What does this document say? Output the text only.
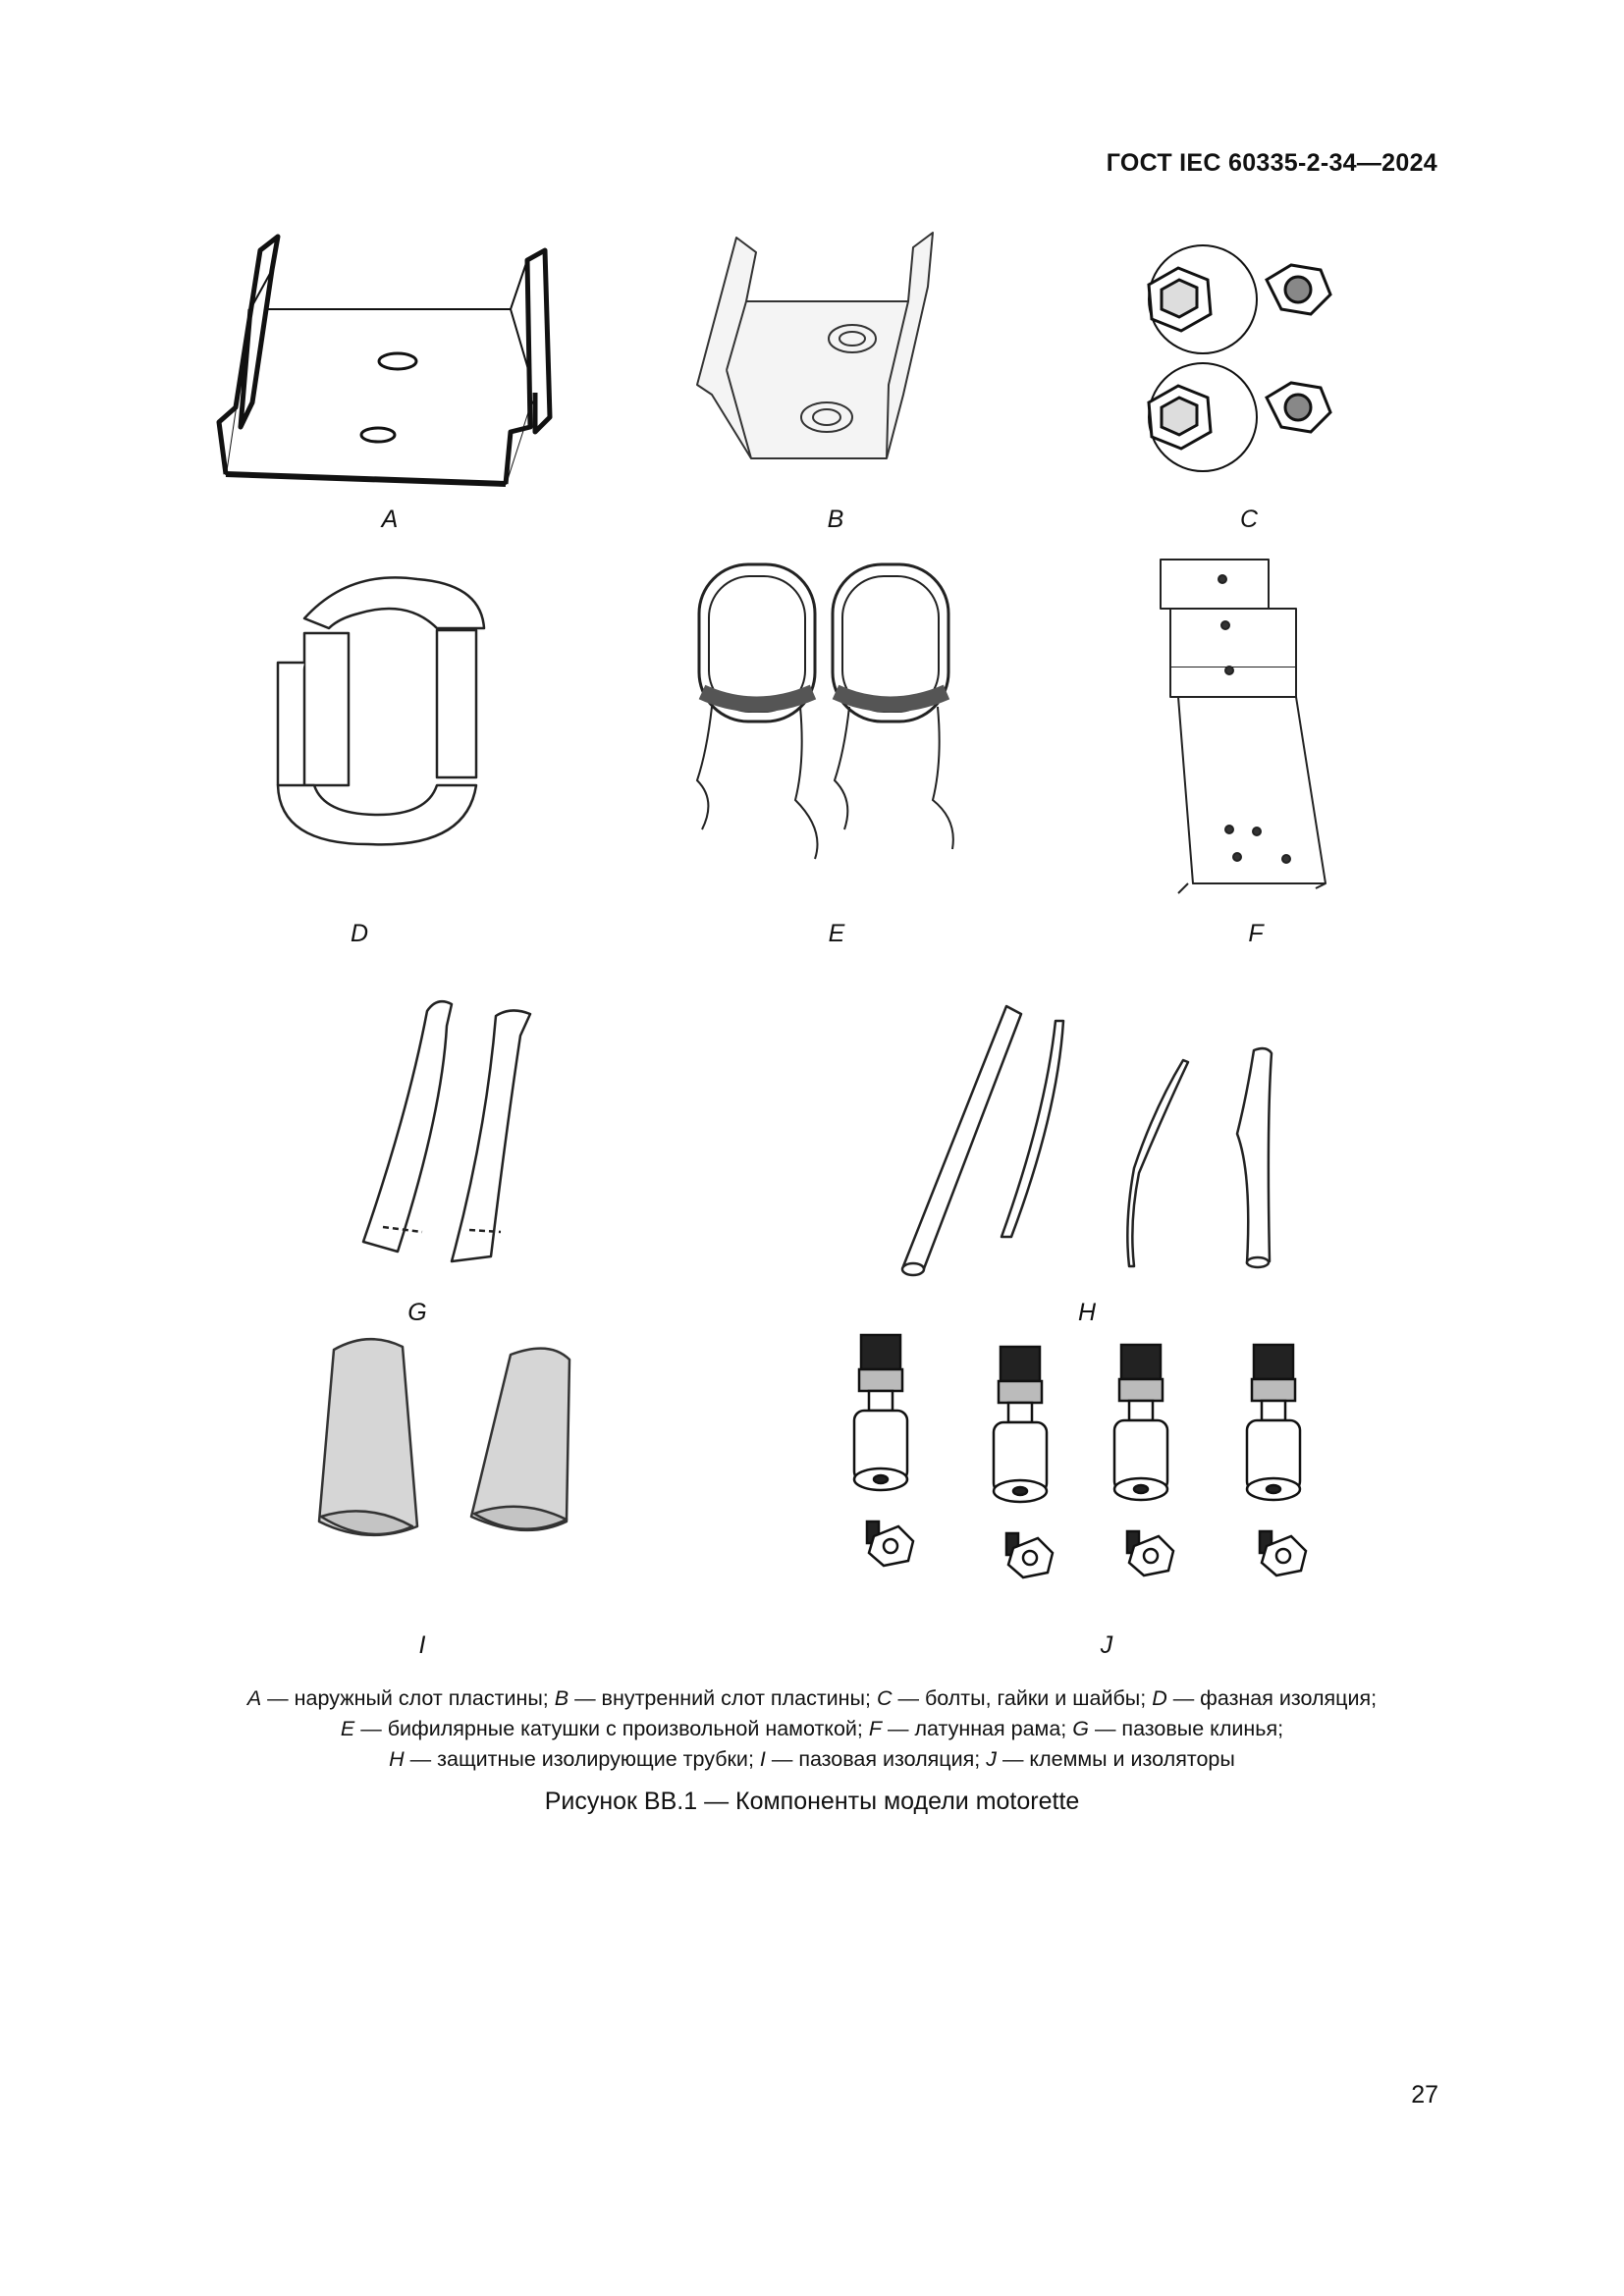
ГОСТ IEC 60335-2-34—2024
A	B	C
D	E	F
G	H
I	J
A — наружный слот пластины; B — внутренний слот пластины; C — болты, гайки и шайбы; D — фазная изоляция;
E — бифилярные катушки с произвольной намоткой; F — латунная рама; G — пазовые клинья;
H — защитные изолирующие трубки; I — пазовая изоляция; J — клеммы и изоляторы
Рисунок ВВ.1 — Компоненты модели motorette
27
